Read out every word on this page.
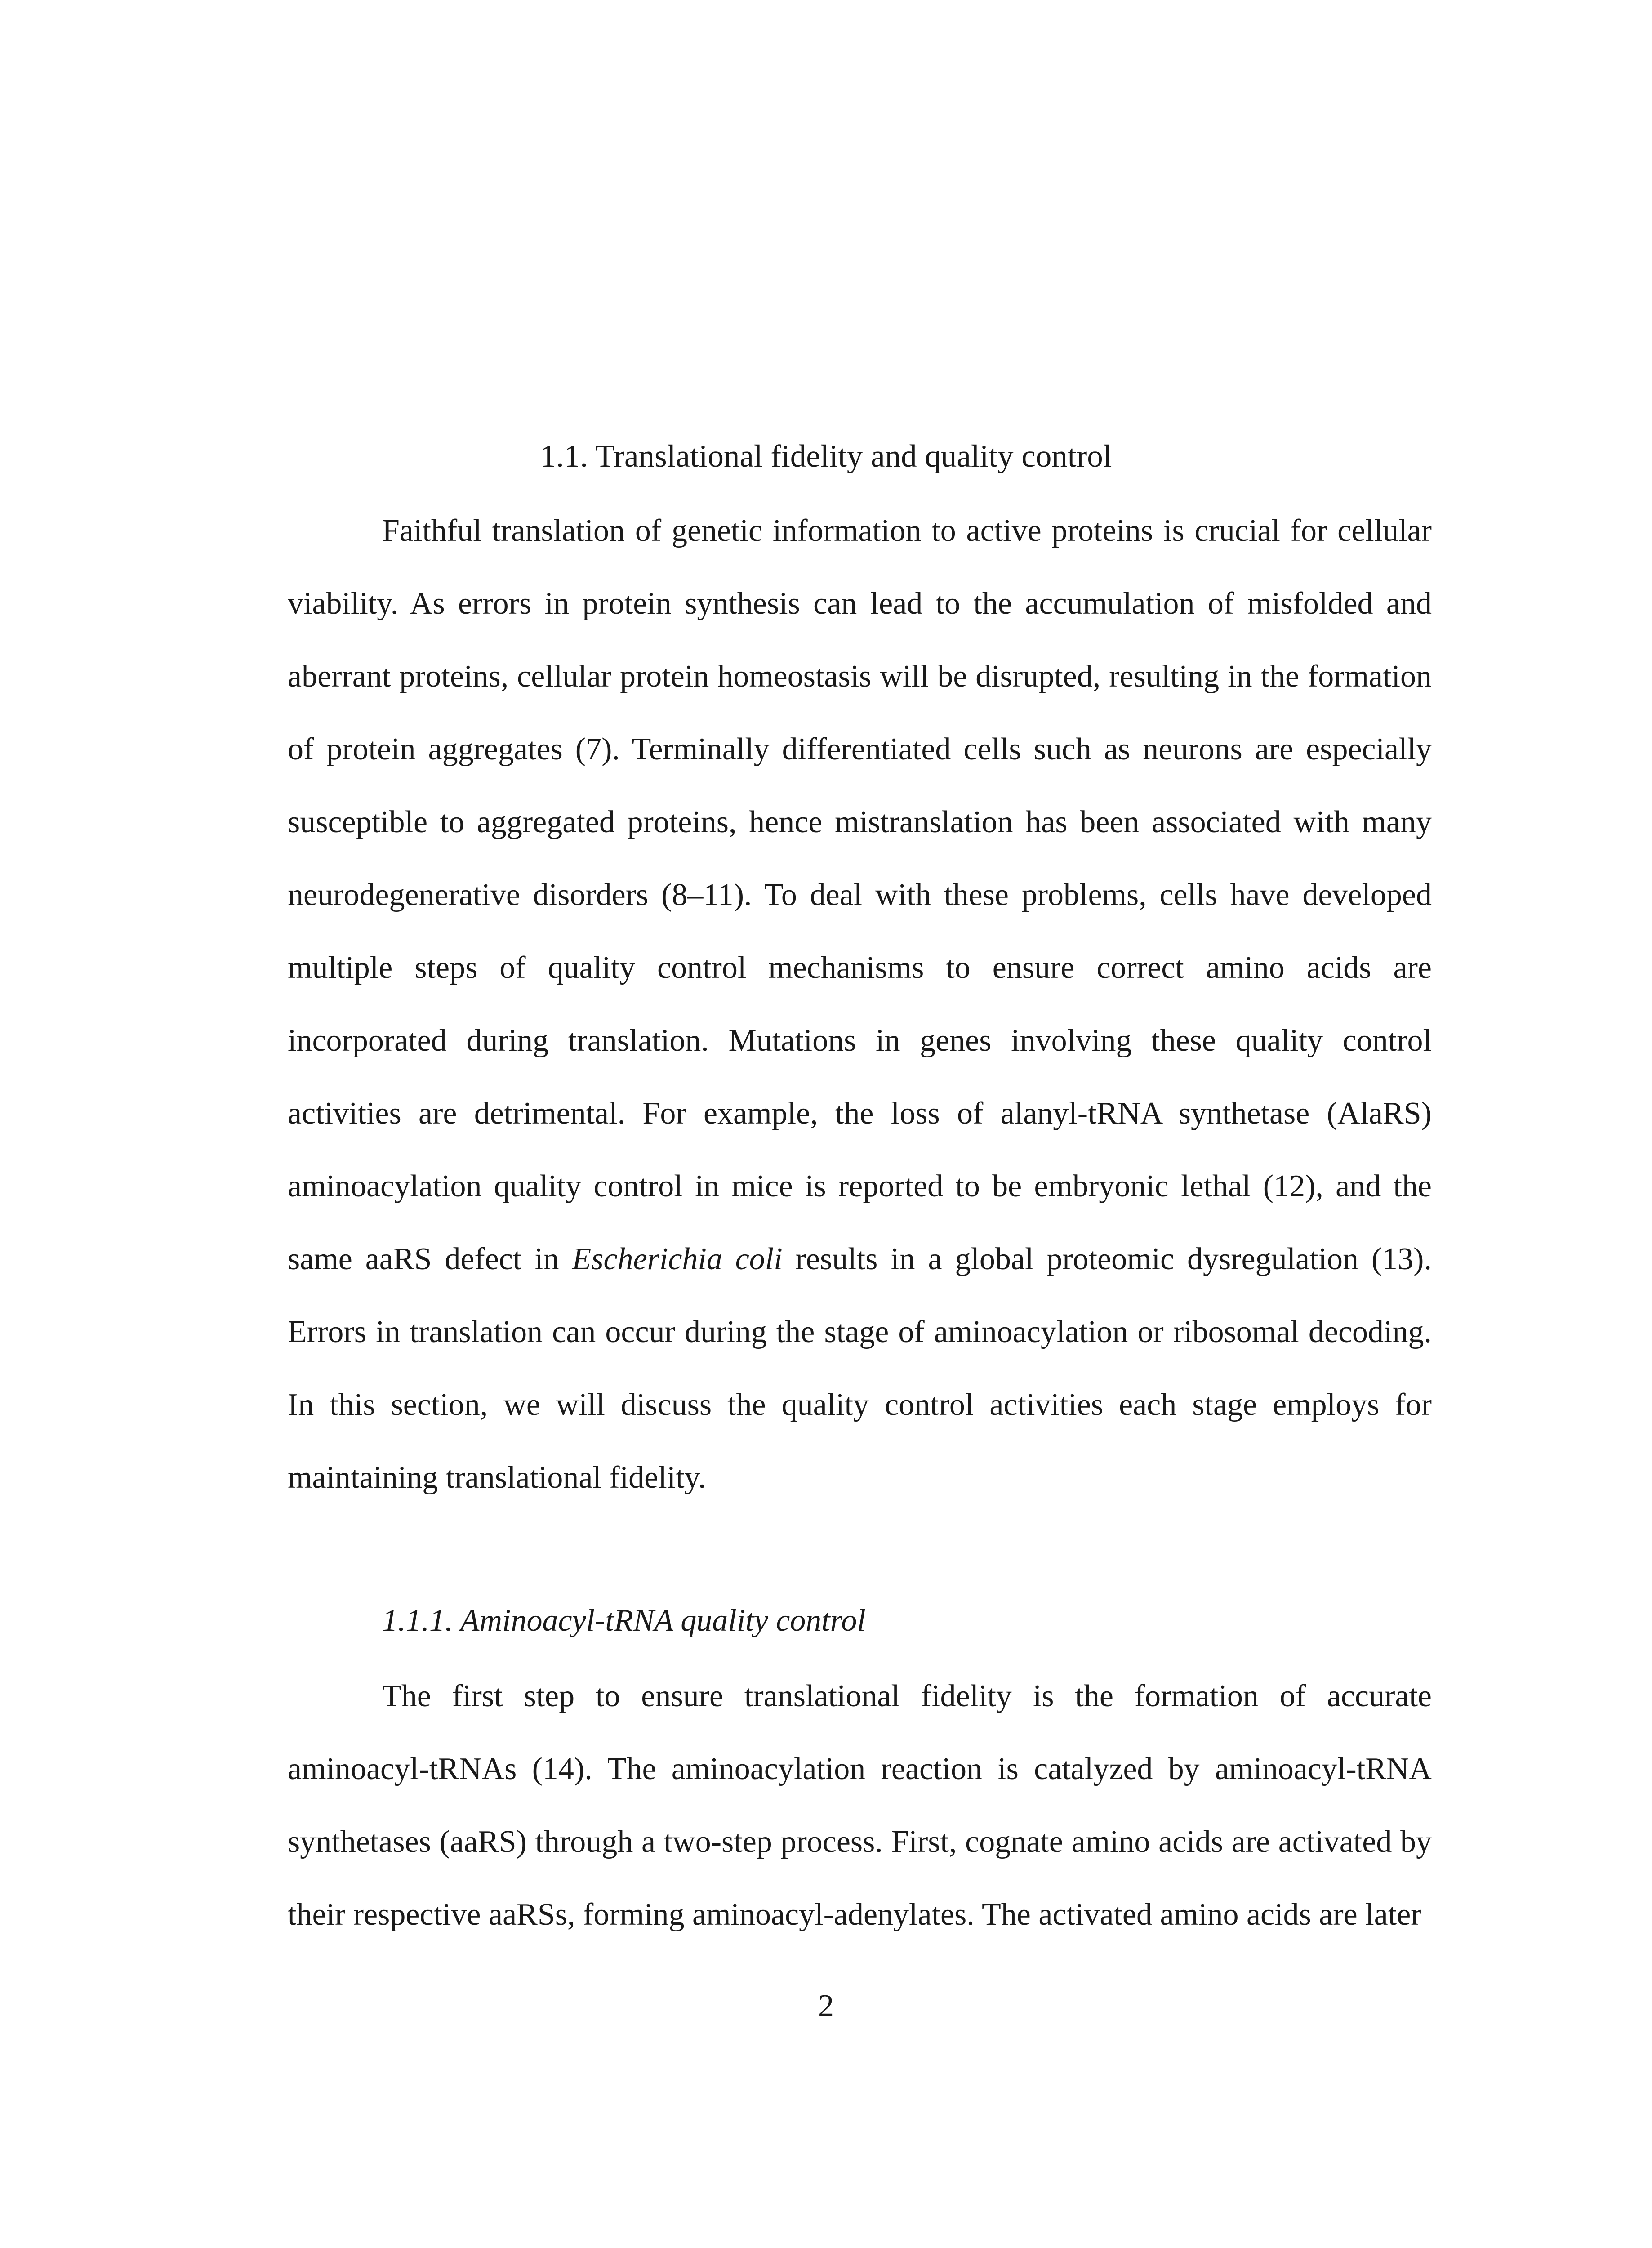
1.1. Translational fidelity and quality control

Faithful translation of genetic information to active proteins is crucial for cellular viability. As errors in protein synthesis can lead to the accumulation of misfolded and aberrant proteins, cellular protein homeostasis will be disrupted, resulting in the formation of protein aggregates (7). Terminally differentiated cells such as neurons are especially susceptible to aggregated proteins, hence mistranslation has been associated with many neurodegenerative disorders (8–11). To deal with these problems, cells have developed multiple steps of quality control mechanisms to ensure correct amino acids are incorporated during translation. Mutations in genes involving these quality control activities are detrimental. For example, the loss of alanyl-tRNA synthetase (AlaRS) aminoacylation quality control in mice is reported to be embryonic lethal (12), and the same aaRS defect in Escherichia coli results in a global proteomic dysregulation (13). Errors in translation can occur during the stage of aminoacylation or ribosomal decoding. In this section, we will discuss the quality control activities each stage employs for maintaining translational fidelity.

1.1.1. Aminoacyl-tRNA quality control

The first step to ensure translational fidelity is the formation of accurate aminoacyl-tRNAs (14). The aminoacylation reaction is catalyzed by aminoacyl-tRNA synthetases (aaRS) through a two-step process. First, cognate amino acids are activated by their respective aaRSs, forming aminoacyl-adenylates. The activated amino acids are later

2
